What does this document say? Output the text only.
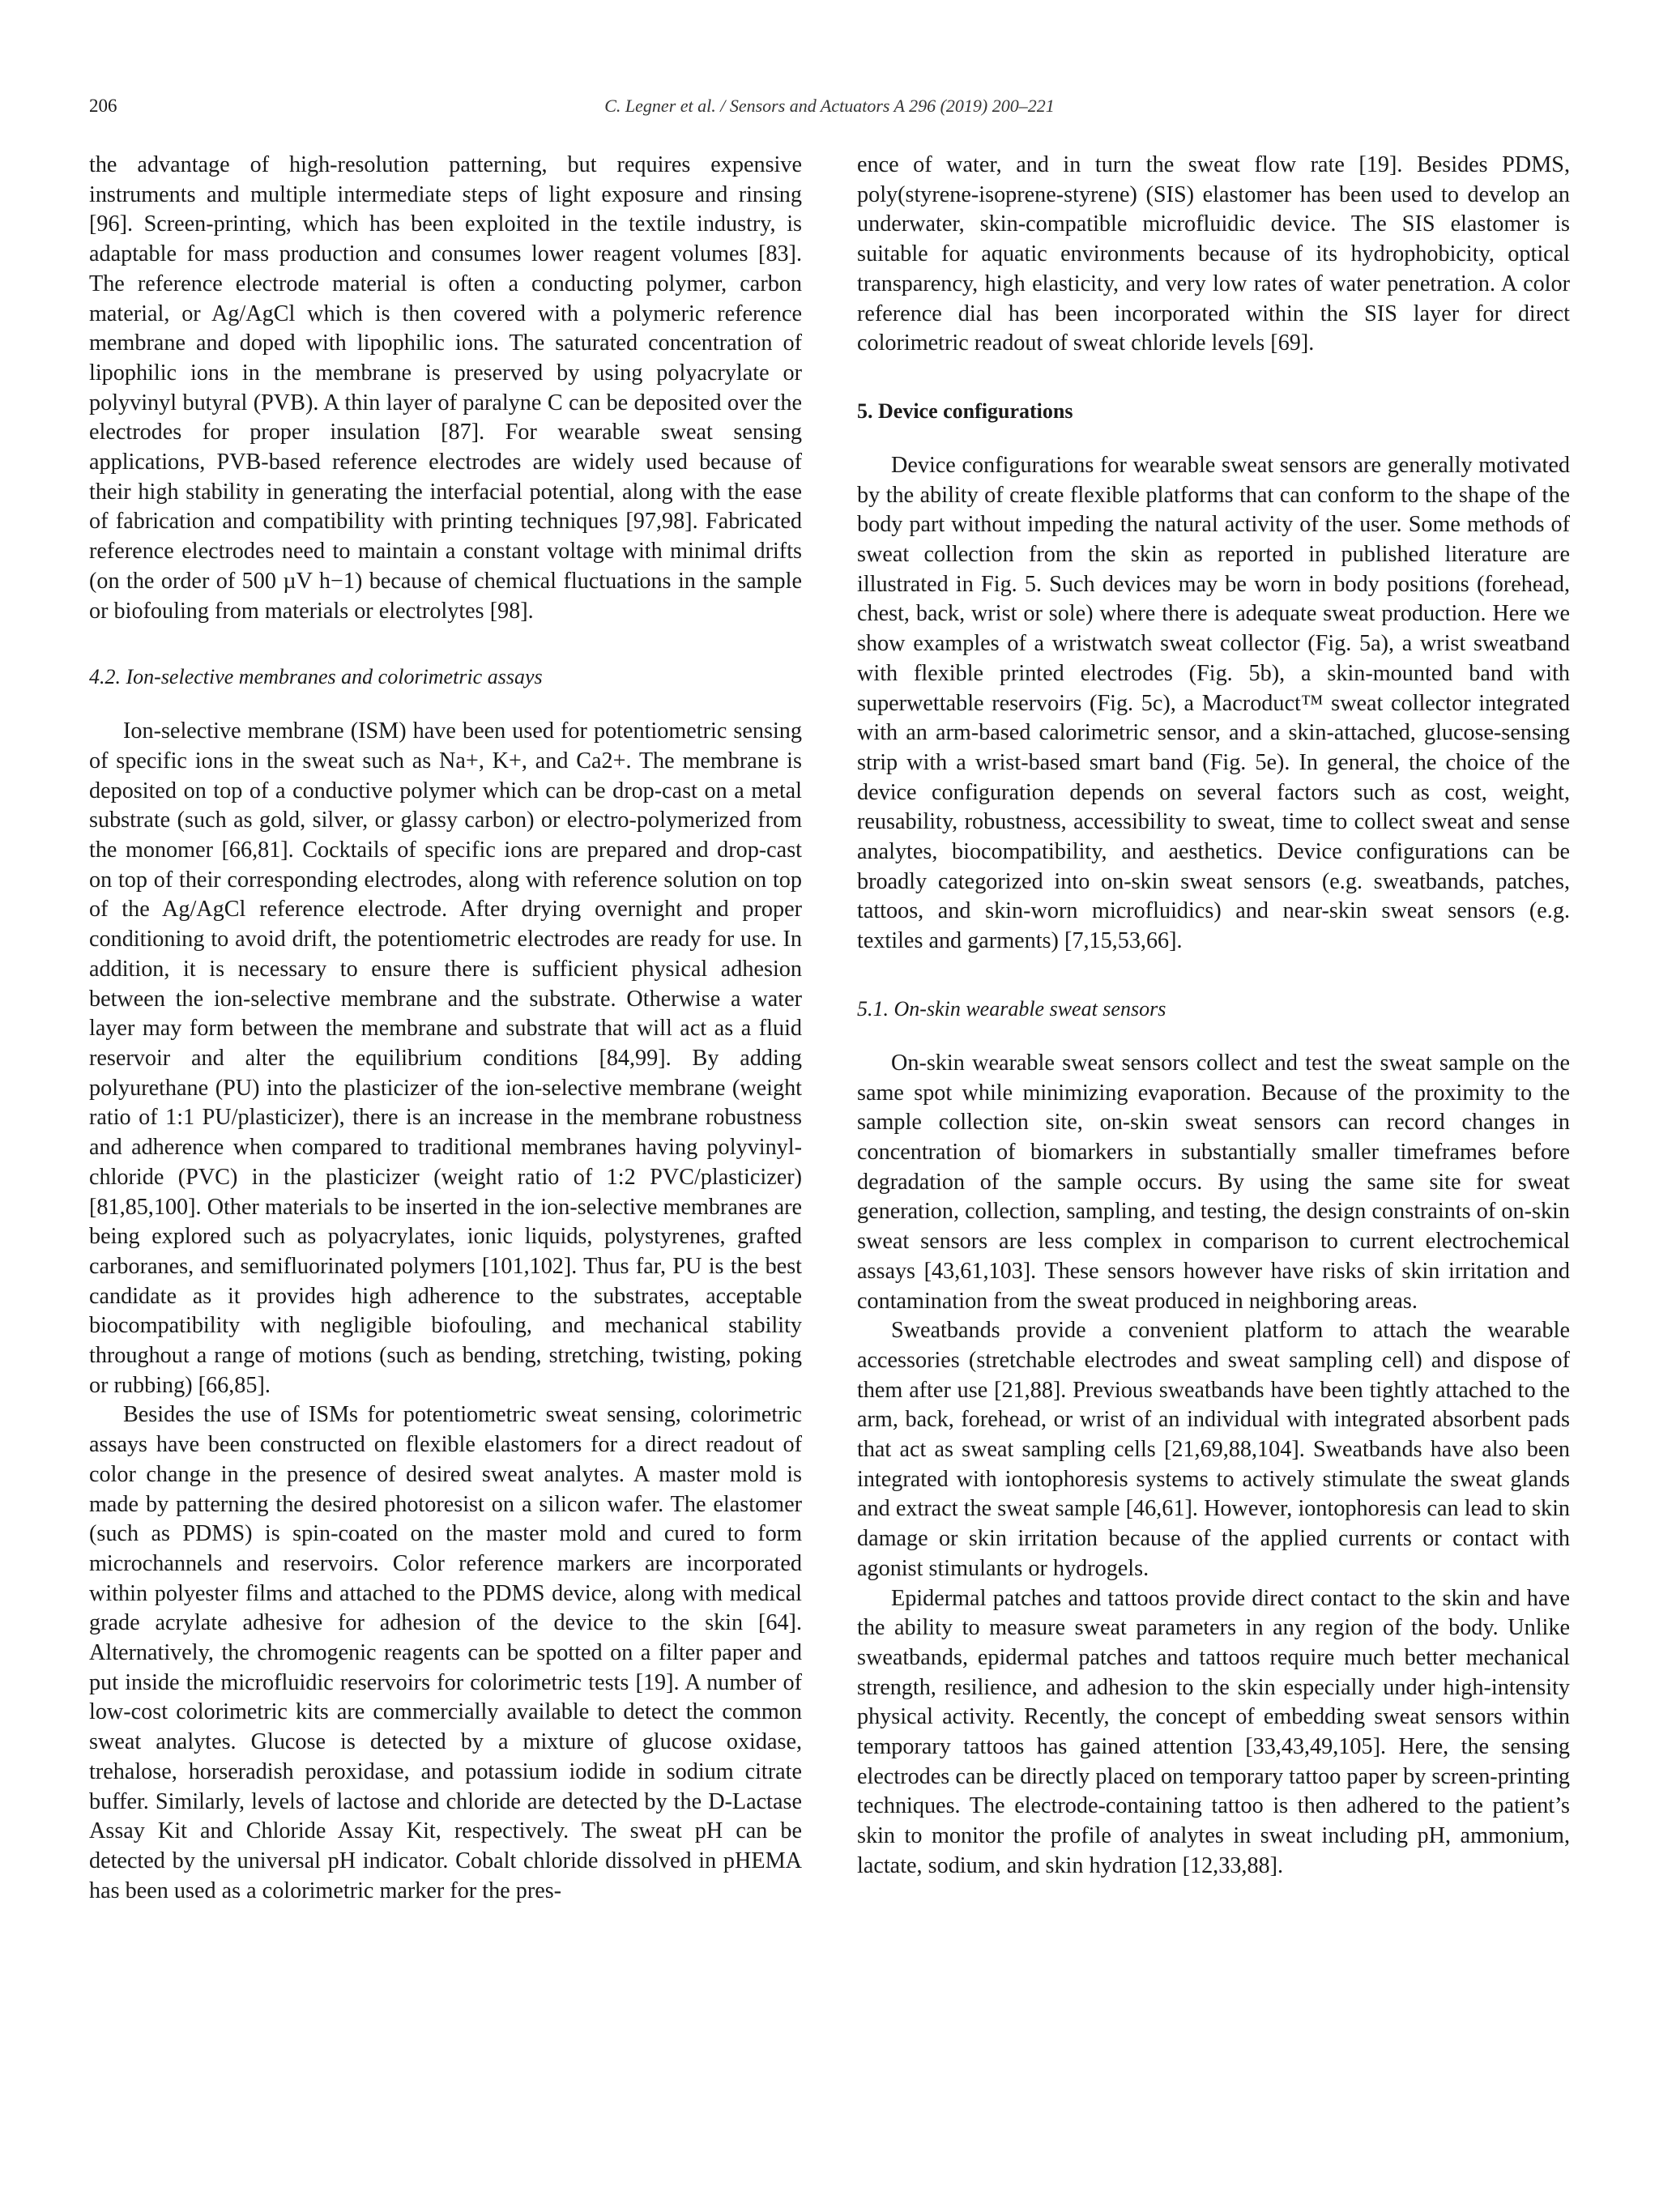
206	C. Legner et al. / Sensors and Actuators A 296 (2019) 200–221

the advantage of high-resolution patterning, but requires expensive instruments and multiple intermediate steps of light exposure and rinsing [96]. Screen-printing, which has been exploited in the textile industry, is adaptable for mass production and consumes lower reagent volumes [83]. The reference electrode material is often a conducting polymer, carbon material, or Ag/AgCl which is then covered with a polymeric reference membrane and doped with lipophilic ions. The saturated concentration of lipophilic ions in the membrane is preserved by using polyacrylate or polyvinyl butyral (PVB). A thin layer of paralyne C can be deposited over the electrodes for proper insulation [87]. For wearable sweat sensing applications, PVB-based reference electrodes are widely used because of their high stability in generating the interfacial potential, along with the ease of fabrication and compatibility with printing techniques [97,98]. Fabricated reference electrodes need to maintain a constant voltage with minimal drifts (on the order of 500 µV h−1) because of chemical fluctuations in the sample or biofouling from materials or electrolytes [98].

4.2. Ion-selective membranes and colorimetric assays

Ion-selective membrane (ISM) have been used for potentiometric sensing of specific ions in the sweat such as Na+, K+, and Ca2+. The membrane is deposited on top of a conductive polymer which can be drop-cast on a metal substrate (such as gold, silver, or glassy carbon) or electro-polymerized from the monomer [66,81]. Cocktails of specific ions are prepared and drop-cast on top of their corresponding electrodes, along with reference solution on top of the Ag/AgCl reference electrode. After drying overnight and proper conditioning to avoid drift, the potentiometric electrodes are ready for use. In addition, it is necessary to ensure there is sufficient physical adhesion between the ion-selective membrane and the substrate. Otherwise a water layer may form between the membrane and substrate that will act as a fluid reservoir and alter the equilibrium conditions [84,99]. By adding polyurethane (PU) into the plasticizer of the ion-selective membrane (weight ratio of 1:1 PU/plasticizer), there is an increase in the membrane robustness and adherence when compared to traditional membranes having polyvinyl-chloride (PVC) in the plasticizer (weight ratio of 1:2 PVC/plasticizer) [81,85,100]. Other materials to be inserted in the ion-selective membranes are being explored such as polyacrylates, ionic liquids, polystyrenes, grafted carboranes, and semifluorinated polymers [101,102]. Thus far, PU is the best candidate as it provides high adherence to the substrates, acceptable biocompatibility with negligible biofouling, and mechanical stability throughout a range of motions (such as bending, stretching, twisting, poking or rubbing) [66,85].

Besides the use of ISMs for potentiometric sweat sensing, colorimetric assays have been constructed on flexible elastomers for a direct readout of color change in the presence of desired sweat analytes. A master mold is made by patterning the desired photoresist on a silicon wafer. The elastomer (such as PDMS) is spin-coated on the master mold and cured to form microchannels and reservoirs. Color reference markers are incorporated within polyester films and attached to the PDMS device, along with medical grade acrylate adhesive for adhesion of the device to the skin [64]. Alternatively, the chromogenic reagents can be spotted on a filter paper and put inside the microfluidic reservoirs for colorimetric tests [19]. A number of low-cost colorimetric kits are commercially available to detect the common sweat analytes. Glucose is detected by a mixture of glucose oxidase, trehalose, horseradish peroxidase, and potassium iodide in sodium citrate buffer. Similarly, levels of lactose and chloride are detected by the D-Lactase Assay Kit and Chloride Assay Kit, respectively. The sweat pH can be detected by the universal pH indicator. Cobalt chloride dissolved in pHEMA has been used as a colorimetric marker for the pres-

ence of water, and in turn the sweat flow rate [19]. Besides PDMS, poly(styrene-isoprene-styrene) (SIS) elastomer has been used to develop an underwater, skin-compatible microfluidic device. The SIS elastomer is suitable for aquatic environments because of its hydrophobicity, optical transparency, high elasticity, and very low rates of water penetration. A color reference dial has been incorporated within the SIS layer for direct colorimetric readout of sweat chloride levels [69].

5. Device configurations

Device configurations for wearable sweat sensors are generally motivated by the ability of create flexible platforms that can conform to the shape of the body part without impeding the natural activity of the user. Some methods of sweat collection from the skin as reported in published literature are illustrated in Fig. 5. Such devices may be worn in body positions (forehead, chest, back, wrist or sole) where there is adequate sweat production. Here we show examples of a wristwatch sweat collector (Fig. 5a), a wrist sweatband with flexible printed electrodes (Fig. 5b), a skin-mounted band with superwettable reservoirs (Fig. 5c), a Macroduct™ sweat collector integrated with an arm-based calorimetric sensor, and a skin-attached, glucose-sensing strip with a wrist-based smart band (Fig. 5e). In general, the choice of the device configuration depends on several factors such as cost, weight, reusability, robustness, accessibility to sweat, time to collect sweat and sense analytes, biocompatibility, and aesthetics. Device configurations can be broadly categorized into on-skin sweat sensors (e.g. sweatbands, patches, tattoos, and skin-worn microfluidics) and near-skin sweat sensors (e.g. textiles and garments) [7,15,53,66].

5.1. On-skin wearable sweat sensors

On-skin wearable sweat sensors collect and test the sweat sample on the same spot while minimizing evaporation. Because of the proximity to the sample collection site, on-skin sweat sensors can record changes in concentration of biomarkers in substantially smaller timeframes before degradation of the sample occurs. By using the same site for sweat generation, collection, sampling, and testing, the design constraints of on-skin sweat sensors are less complex in comparison to current electrochemical assays [43,61,103]. These sensors however have risks of skin irritation and contamination from the sweat produced in neighboring areas.

Sweatbands provide a convenient platform to attach the wearable accessories (stretchable electrodes and sweat sampling cell) and dispose of them after use [21,88]. Previous sweatbands have been tightly attached to the arm, back, forehead, or wrist of an individual with integrated absorbent pads that act as sweat sampling cells [21,69,88,104]. Sweatbands have also been integrated with iontophoresis systems to actively stimulate the sweat glands and extract the sweat sample [46,61]. However, iontophoresis can lead to skin damage or skin irritation because of the applied currents or contact with agonist stimulants or hydrogels.

Epidermal patches and tattoos provide direct contact to the skin and have the ability to measure sweat parameters in any region of the body. Unlike sweatbands, epidermal patches and tattoos require much better mechanical strength, resilience, and adhesion to the skin especially under high-intensity physical activity. Recently, the concept of embedding sweat sensors within temporary tattoos has gained attention [33,43,49,105]. Here, the sensing electrodes can be directly placed on temporary tattoo paper by screen-printing techniques. The electrode-containing tattoo is then adhered to the patient’s skin to monitor the profile of analytes in sweat including pH, ammonium, lactate, sodium, and skin hydration [12,33,88].
